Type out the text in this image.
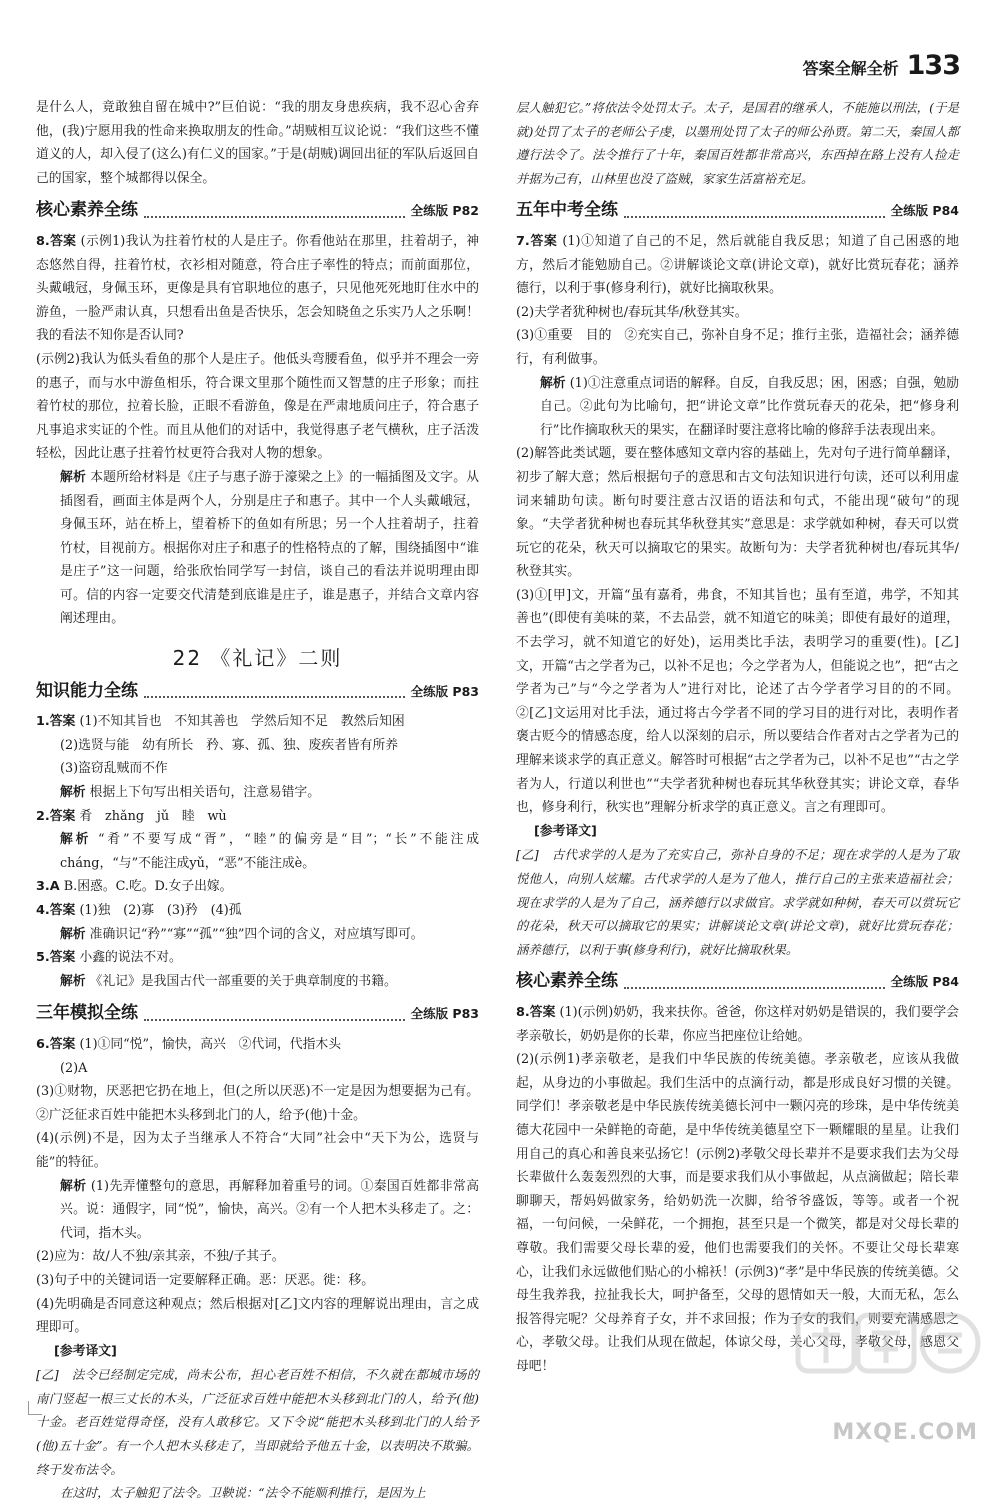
答案全解全析 133

是什么人，竟敢独自留在城中?”巨伯说：“我的朋友身患疾病，我不忍心舍弃他，(我)宁愿用我的性命来换取朋友的性命。”胡贼相互议论说：“我们这些不懂道义的人，却入侵了(这么)有仁义的国家。”于是(胡贼)调回出征的军队后返回自己的国家，整个城都得以保全。

核心素养全练	全练版 P82
8.答案 (示例1)我认为拄着竹杖的人是庄子。你看他站在那里，拄着胡子，神态悠然自得，拄着竹杖，衣衫相对随意，符合庄子率性的特点；而前面那位，头戴峨冠，身佩玉环，更像是具有官职地位的惠子，只见他死死地盯住水中的游鱼，一脸严肃认真，只想看出鱼是否快乐，怎会知晓鱼之乐实乃人之乐啊！我的看法不知你是否认同?
(示例2)我认为低头看鱼的那个人是庄子。他低头弯腰看鱼，似乎并不理会一旁的惠子，而与水中游鱼相乐，符合课文里那个随性而又智慧的庄子形象；而拄着竹杖的那位，拉着长脸，正眼不看游鱼，像是在严肃地质问庄子，符合惠子凡事追求实证的个性。而且从他们的对话中，我觉得惠子老气横秋，庄子活泼轻松，因此让惠子拄着竹杖更符合我对人物的想象。
解析 本题所给材料是《庄子与惠子游于濠梁之上》的一幅插图及文字。从插图看，画面主体是两个人，分别是庄子和惠子。其中一个人头戴峨冠，身佩玉环，站在桥上，望着桥下的鱼如有所思；另一个人拄着胡子，拄着竹杖，目视前方。根据你对庄子和惠子的性格特点的了解，围绕插图中“谁是庄子”这一问题，给张欣怡同学写一封信，谈自己的看法并说明理由即可。信的内容一定要交代清楚到底谁是庄子，谁是惠子，并结合文章内容阐述理由。
22 《礼记》二则
知识能力全练	全练版 P83
1.答案 (1)不知其旨也　不知其善也　学然后知不足　教然后知困
(2)选贤与能　幼有所长　矜、寡、孤、独、废疾者皆有所养
(3)盗窃乱贼而不作
解析 根据上下句写出相关语句，注意易错字。
2.答案 肴　zhǎng　jǔ　睦　wù
解析 “肴”不要写成“胥”，“睦”的偏旁是“目”；“长”不能注成cháng，“与”不能注成yǔ，“恶”不能注成è。
3.A B.困惑。C.吃。D.女子出嫁。
4.答案 (1)独　(2)寡　(3)矜　(4)孤
解析 准确识记“矜”“寡”“孤”“独”四个词的含义，对应填写即可。
5.答案 小鑫的说法不对。
解析 《礼记》是我国古代一部重要的关于典章制度的书籍。
三年模拟全练	全练版 P83
6.答案 (1)①同“悦”，愉快，高兴　②代词，代指木头
(2)A
(3)①财物，厌恶把它扔在地上，但(之所以厌恶)不一定是因为想要据为己有。②广泛征求百姓中能把木头移到北门的人，给予(他)十金。
(4)(示例)不是，因为太子当继承人不符合“大同”社会中“天下为公，选贤与能”的特征。
解析 (1)先弄懂整句的意思，再解释加着重号的词。①秦国百姓都非常高兴。说：通假字，同“悦”，愉快，高兴。②有一个人把木头移走了。之：代词，指木头。
(2)应为：故/人不独/亲其亲，不独/子其子。
(3)句子中的关键词语一定要解释正确。恶：厌恶。徙：移。
(4)先明确是否同意这种观点；然后根据对[乙]文内容的理解说出理由，言之成理即可。
[参考译文]
[乙]　法令已经制定完成，尚未公布，担心老百姓不相信，不久就在都城市场的南门竖起一根三丈长的木头，广泛征求百姓中能把木头移到北门的人，给予(他)十金。老百姓觉得奇怪，没有人敢移它。又下令说“能把木头移到北门的人给予(他)五十金”。有一个人把木头移走了，当即就给予他五十金，以表明决不欺骗。终于发布法令。
在这时，太子触犯了法令。卫鞅说：“法令不能顺利推行，是因为上

层人触犯它。”将依法令处罚太子。太子，是国君的继承人，不能施以刑法，(于是就)处罚了太子的老师公子虔，以墨刑处罚了太子的师公孙贾。第二天，秦国人都遵行法令了。法令推行了十年，秦国百姓都非常高兴，东西掉在路上没有人捡走并据为己有，山林里也没了盗贼，家家生活富裕充足。

五年中考全练	全练版 P84
7.答案 (1)①知道了自己的不足，然后就能自我反思；知道了自己困惑的地方，然后才能勉励自己。②讲解谈论文章(讲论文章)，就好比赏玩春花；涵养德行，以利于事(修身利行)，就好比摘取秋果。
(2)夫学者犹种树也/春玩其华/秋登其实。
(3)①重要　目的　②充实自己，弥补自身不足；推行主张，造福社会；涵养德行，有利做事。
解析 (1)①注意重点词语的解释。自反，自我反思；困，困惑；自强，勉励自己。②此句为比喻句，把“讲论文章”比作赏玩春天的花朵，把“修身利行”比作摘取秋天的果实，在翻译时要注意将比喻的修辞手法表现出来。
(2)解答此类试题，要在整体感知文章内容的基础上，先对句子进行简单翻译，初步了解大意；然后根据句子的意思和古文句法知识进行句读，还可以利用虚词来辅助句读。断句时要注意古汉语的语法和句式，不能出现“破句”的现象。“夫学者犹种树也春玩其华秋登其实”意思是：求学就如种树，春天可以赏玩它的花朵，秋天可以摘取它的果实。故断句为：夫学者犹种树也/春玩其华/秋登其实。
(3)①[甲]文，开篇“虽有嘉肴，弗食，不知其旨也；虽有至道，弗学，不知其善也”(即使有美味的菜，不去品尝，就不知道它的味美；即使有最好的道理，不去学习，就不知道它的好处)，运用类比手法，表明学习的重要(性)。[乙]文，开篇“古之学者为己，以补不足也；今之学者为人，但能说之也”，把“古之学者为己”与“今之学者为人”进行对比，论述了古今学者学习目的的不同。②[乙]文运用对比手法，通过将古今学者不同的学习目的进行对比，表明作者褒古贬今的情感态度，给人以深刻的启示，所以要结合作者对古之学者为己的理解来谈求学的真正意义。解答时可根据“古之学者为己，以补不足也”“古之学者为人，行道以利世也”“夫学者犹种树也春玩其华秋登其实；讲论文章，春华也，修身利行，秋实也”理解分析求学的真正意义。言之有理即可。
[参考译文]
[乙]　古代求学的人是为了充实自己，弥补自身的不足；现在求学的人是为了取悦他人，向别人炫耀。古代求学的人是为了他人，推行自己的主张来造福社会；现在求学的人是为了自己，涵养德行以求做官。求学就如种树，春天可以赏玩它的花朵，秋天可以摘取它的果实；讲解谈论文章(讲论文章)，就好比赏玩春花；涵养德行，以利于事(修身利行)，就好比摘取秋果。
核心素养全练	全练版 P84
8.答案 (1)(示例)奶奶，我来扶你。爸爸，你这样对奶奶是错误的，我们要学会孝亲敬长，奶奶是你的长辈，你应当把座位让给她。
(2)(示例1)孝亲敬老，是我们中华民族的传统美德。孝亲敬老，应该从我做起，从身边的小事做起。我们生活中的点滴行动，都是形成良好习惯的关键。同学们！孝亲敬老是中华民族传统美德长河中一颗闪亮的珍珠，是中华传统美德大花园中一朵鲜艳的奇葩，是中华传统美德星空下一颗耀眼的星星。让我们用自己的真心和善良来弘扬它！(示例2)孝敬父母长辈并不是要求我们去为父母长辈做什么轰轰烈烈的大事，而是要求我们从小事做起，从点滴做起；陪长辈聊聊天，帮妈妈做家务，给奶奶洗一次脚，给爷爷盛饭，等等。或者一个祝福，一句问候，一朵鲜花，一个拥抱，甚至只是一个微笑，都是对父母长辈的尊敬。我们需要父母长辈的爱，他们也需要我们的关怀。不要让父母长辈寒心，让我们永远做他们贴心的小棉袄！(示例3)“孝”是中华民族的传统美德。父母生我养我，拉扯我长大，呵护备至，父母的恩情如天一般，大而无私，怎么报答得完呢？父母养育子女，并不求回报；作为子女的我们，则要充满感恩之心，孝敬父母。让我们从现在做起，体谅父母，关心父母，孝敬父母，感恩父母吧！
MXQE.COM
